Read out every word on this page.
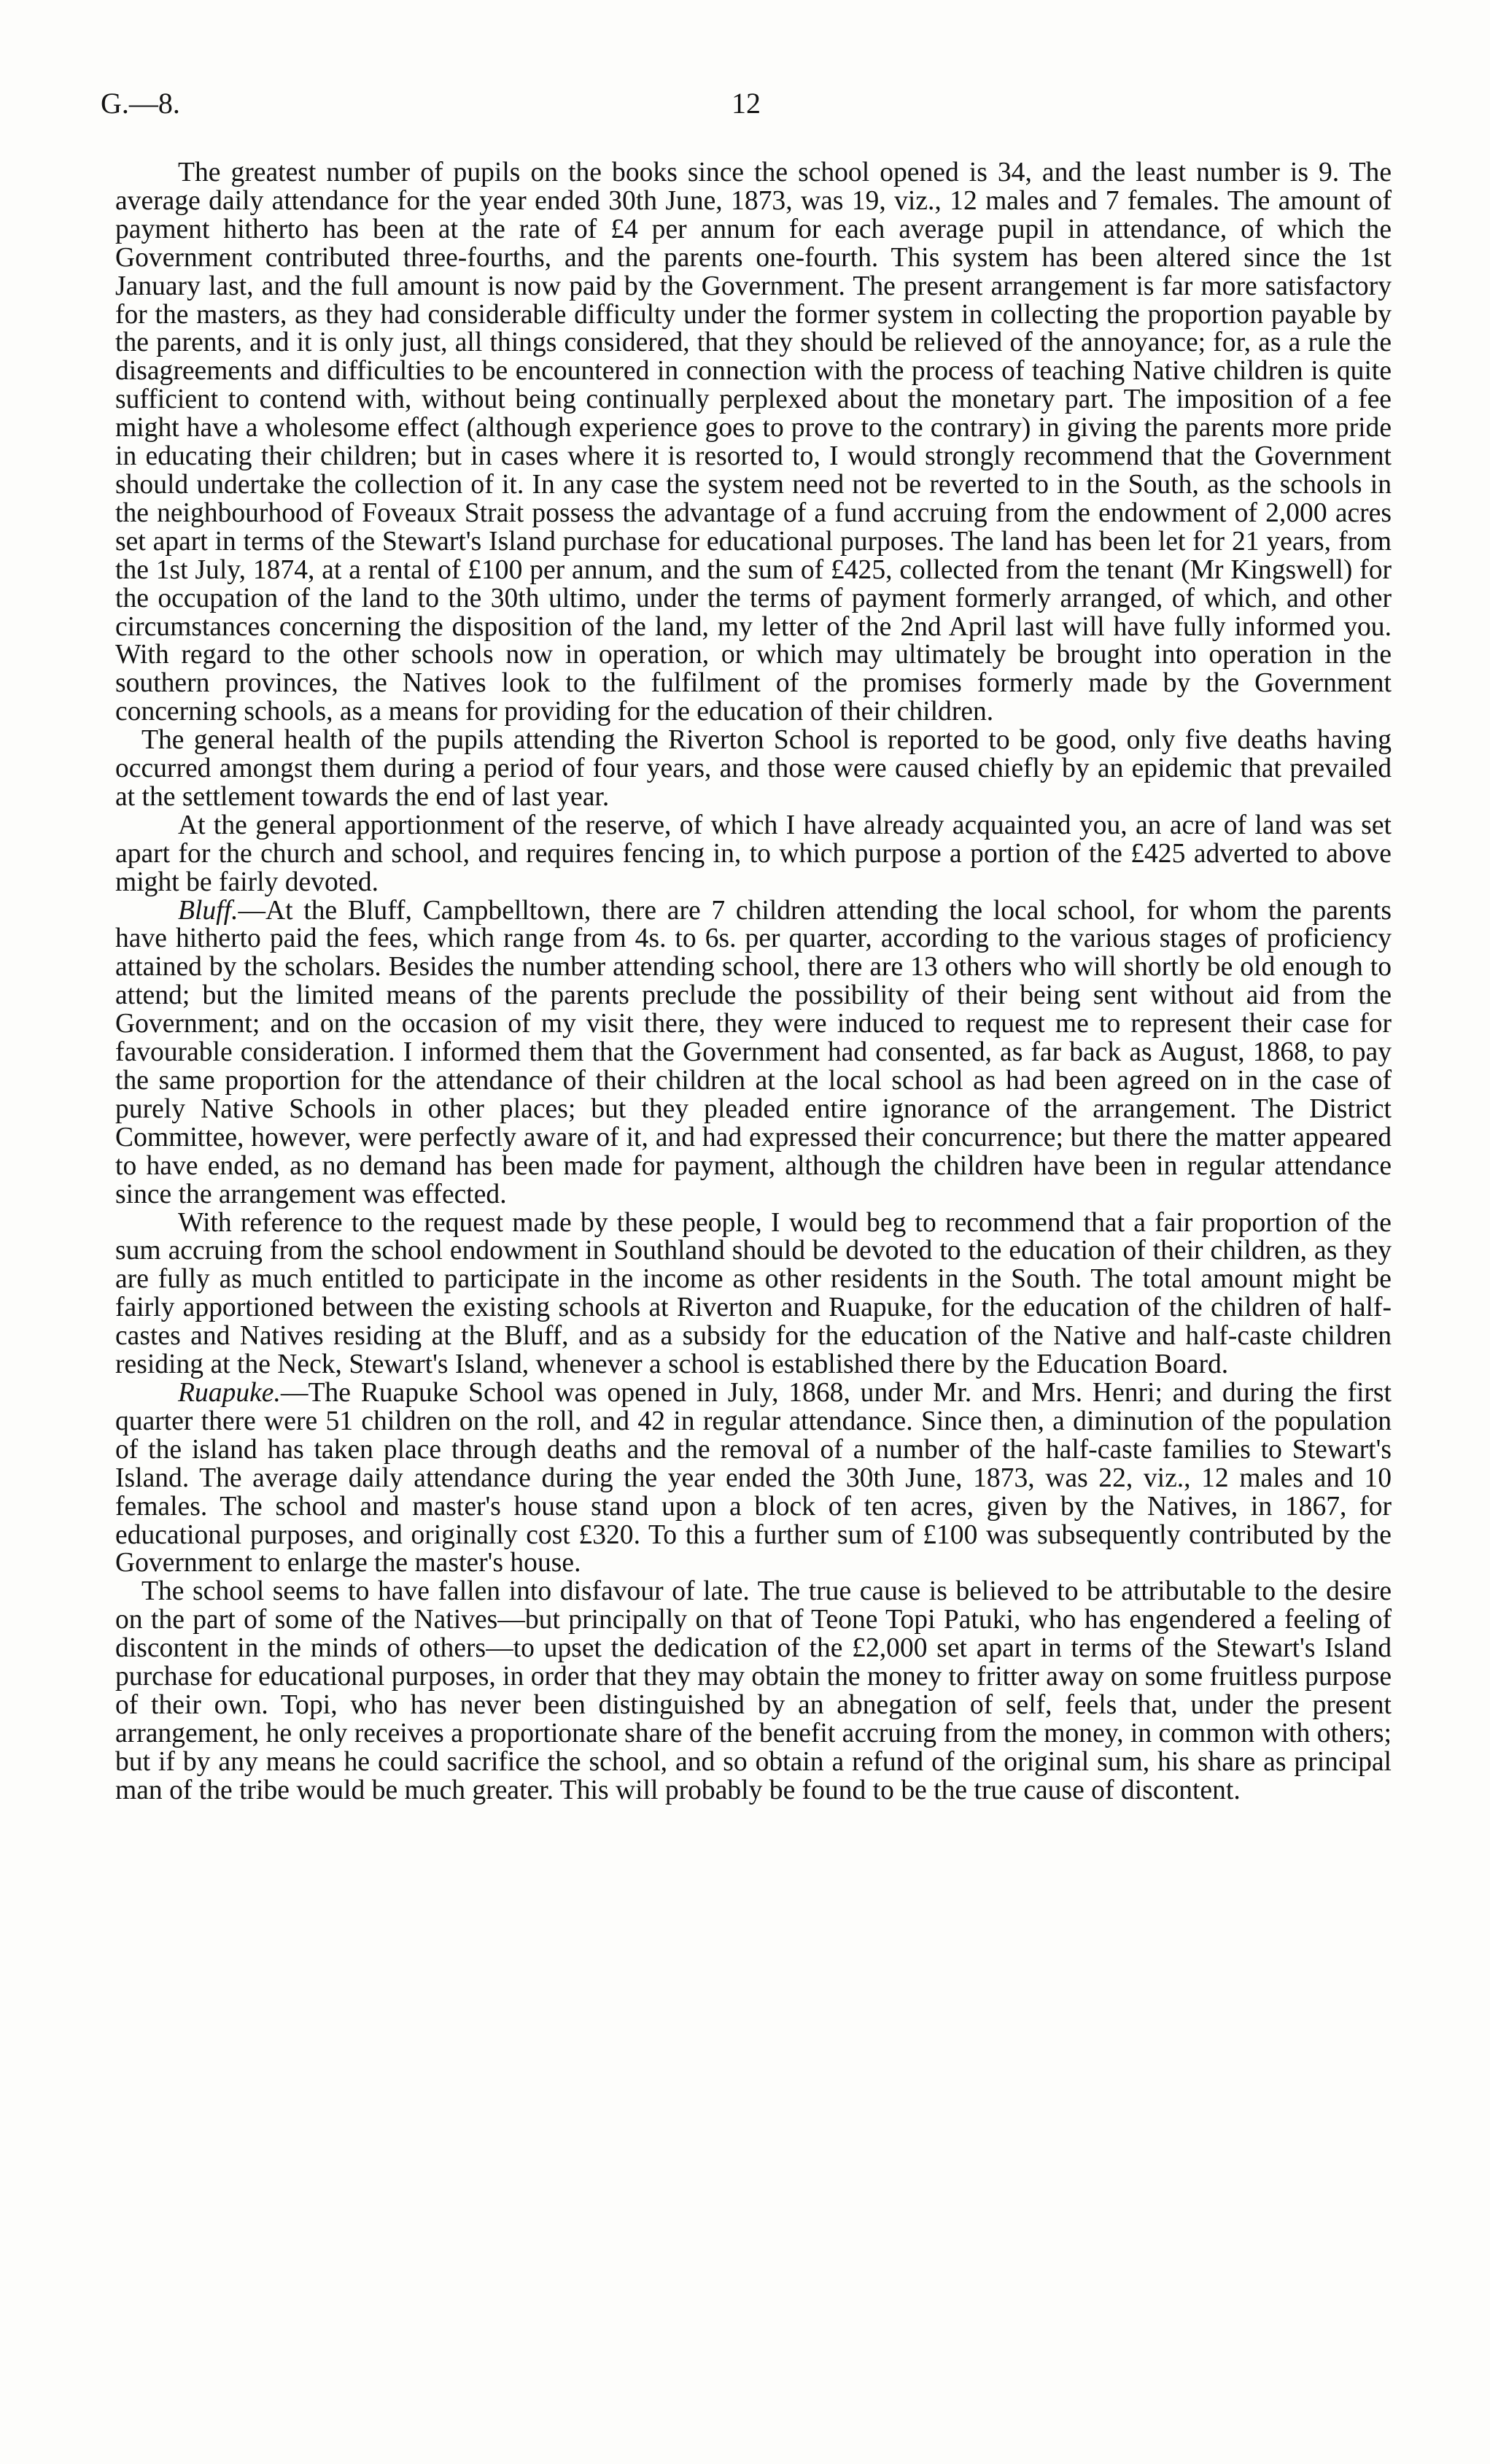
G.—8.	12

The greatest number of pupils on the books since the school opened is 34, and the least number is 9. The average daily attendance for the year ended 30th June, 1873, was 19, viz., 12 males and 7 females. The amount of payment hitherto has been at the rate of £4 per annum for each average pupil in attendance, of which the Government contributed three-fourths, and the parents one-fourth. This system has been altered since the 1st January last, and the full amount is now paid by the Government. The present arrangement is far more satisfactory for the masters, as they had considerable difficulty under the former system in collecting the proportion payable by the parents, and it is only just, all things considered, that they should be relieved of the annoyance; for, as a rule the disagreements and difficulties to be encountered in connection with the process of teaching Native children is quite sufficient to contend with, without being continually perplexed about the monetary part. The imposition of a fee might have a wholesome effect (although experience goes to prove to the contrary) in giving the parents more pride in educating their children; but in cases where it is resorted to, I would strongly recommend that the Government should undertake the collection of it. In any case the system need not be reverted to in the South, as the schools in the neighbourhood of Foveaux Strait possess the advantage of a fund accruing from the endowment of 2,000 acres set apart in terms of the Stewart's Island purchase for educational purposes. The land has been let for 21 years, from the 1st July, 1874, at a rental of £100 per annum, and the sum of £425, collected from the tenant (Mr Kingswell) for the occupation of the land to the 30th ultimo, under the terms of payment formerly arranged, of which, and other circumstances concerning the disposition of the land, my letter of the 2nd April last will have fully informed you. With regard to the other schools now in operation, or which may ultimately be brought into operation in the southern provinces, the Natives look to the fulfilment of the promises formerly made by the Government concerning schools, as a means for providing for the education of their children.

The general health of the pupils attending the Riverton School is reported to be good, only five deaths having occurred amongst them during a period of four years, and those were caused chiefly by an epidemic that prevailed at the settlement towards the end of last year.

At the general apportionment of the reserve, of which I have already acquainted you, an acre of land was set apart for the church and school, and requires fencing in, to which purpose a portion of the £425 adverted to above might be fairly devoted.

Bluff.—At the Bluff, Campbelltown, there are 7 children attending the local school, for whom the parents have hitherto paid the fees, which range from 4s. to 6s. per quarter, according to the various stages of proficiency attained by the scholars. Besides the number attending school, there are 13 others who will shortly be old enough to attend; but the limited means of the parents preclude the possibility of their being sent without aid from the Government; and on the occasion of my visit there, they were induced to request me to represent their case for favourable consideration. I informed them that the Government had consented, as far back as August, 1868, to pay the same proportion for the attendance of their children at the local school as had been agreed on in the case of purely Native Schools in other places; but they pleaded entire ignorance of the arrangement. The District Committee, however, were perfectly aware of it, and had expressed their concurrence; but there the matter appeared to have ended, as no demand has been made for payment, although the children have been in regular attendance since the arrangement was effected.

With reference to the request made by these people, I would beg to recommend that a fair proportion of the sum accruing from the school endowment in Southland should be devoted to the education of their children, as they are fully as much entitled to participate in the income as other residents in the South. The total amount might be fairly apportioned between the existing schools at Riverton and Ruapuke, for the education of the children of half-castes and Natives residing at the Bluff, and as a subsidy for the education of the Native and half-caste children residing at the Neck, Stewart's Island, whenever a school is established there by the Education Board.

Ruapuke.—The Ruapuke School was opened in July, 1868, under Mr. and Mrs. Henri; and during the first quarter there were 51 children on the roll, and 42 in regular attendance. Since then, a diminution of the population of the island has taken place through deaths and the removal of a number of the half-caste families to Stewart's Island. The average daily attendance during the year ended the 30th June, 1873, was 22, viz., 12 males and 10 females. The school and master's house stand upon a block of ten acres, given by the Natives, in 1867, for educational purposes, and originally cost £320. To this a further sum of £100 was subsequently contributed by the Government to enlarge the master's house.

The school seems to have fallen into disfavour of late. The true cause is believed to be attributable to the desire on the part of some of the Natives—but principally on that of Teone Topi Patuki, who has engendered a feeling of discontent in the minds of others—to upset the dedication of the £2,000 set apart in terms of the Stewart's Island purchase for educational purposes, in order that they may obtain the money to fritter away on some fruitless purpose of their own. Topi, who has never been distinguished by an abnegation of self, feels that, under the present arrangement, he only receives a proportionate share of the benefit accruing from the money, in common with others; but if by any means he could sacrifice the school, and so obtain a refund of the original sum, his share as principal man of the tribe would be much greater. This will probably be found to be the true cause of discontent.
